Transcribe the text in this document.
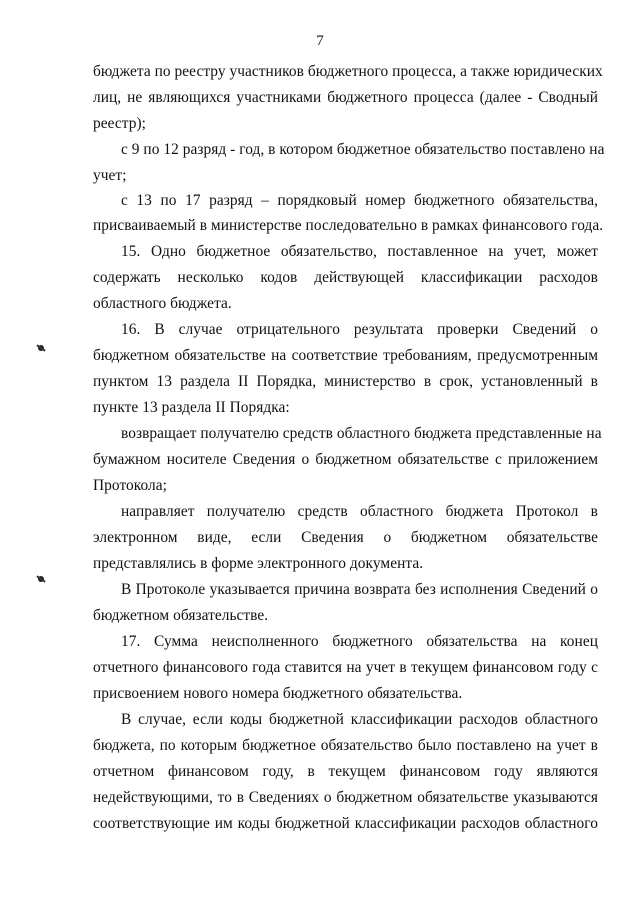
7
бюджета по реестру участников бюджетного процесса, а также юридических
лиц, не являющихся участниками бюджетного процесса (далее - Сводный
реестр);
с 9 по 12 разряд - год, в котором бюджетное обязательство поставлено на
учет;
с 13 по 17 разряд – порядковый номер бюджетного обязательства,
присваиваемый в министерстве последовательно в рамках финансового года.
15. Одно бюджетное обязательство, поставленное на учет, может
содержать несколько кодов действующей классификации расходов
областного бюджета.
16. В случае отрицательного результата проверки Сведений о
бюджетном обязательстве на соответствие требованиям, предусмотренным
пунктом 13 раздела II Порядка, министерство в срок, установленный в
пункте 13 раздела II Порядка:
возвращает получателю средств областного бюджета представленные на
бумажном носителе Сведения о бюджетном обязательстве с приложением
Протокола;
направляет получателю средств областного бюджета Протокол в
электронном виде, если Сведения о бюджетном обязательстве
представлялись в форме электронного документа.
В Протоколе указывается причина возврата без исполнения Сведений о
бюджетном обязательстве.
17. Сумма неисполненного бюджетного обязательства на конец
отчетного финансового года ставится на учет в текущем финансовом году с
присвоением нового номера бюджетного обязательства.
В случае, если коды бюджетной классификации расходов областного
бюджета, по которым бюджетное обязательство было поставлено на учет в
отчетном финансовом году, в текущем финансовом году являются
недействующими, то в Сведениях о бюджетном обязательстве указываются
соответствующие им коды бюджетной классификации расходов областного
